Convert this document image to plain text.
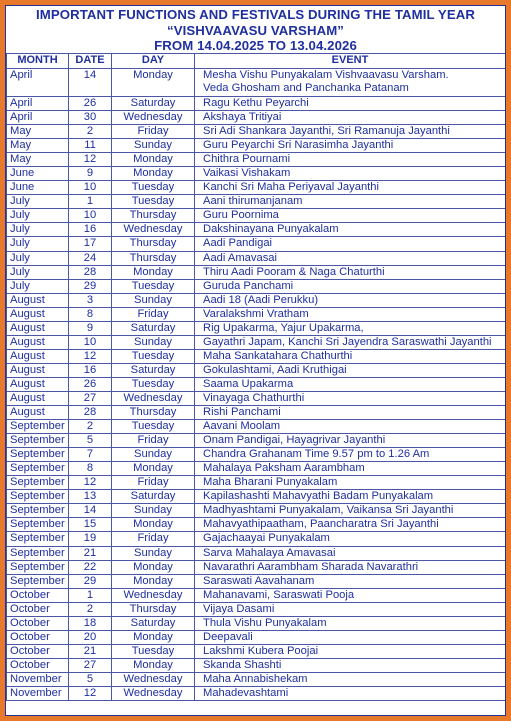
IMPORTANT FUNCTIONS AND FESTIVALS DURING THE TAMIL YEAR
“VISHVAAVASU VARSHAM”
FROM 14.04.2025 TO 13.04.2026
MONTH	DATE	DAY	EVENT
April	14	Monday	Mesha Vishu Punyakalam Vishvaavasu Varsham.
Veda Ghosham and Panchanka Patanam
April	26	Saturday	Ragu Kethu Peyarchi
April	30	Wednesday	Akshaya Tritiyai
May	2	Friday	Sri Adi Shankara Jayanthi, Sri Ramanuja Jayanthi
May	11	Sunday	Guru Peyarchi Sri Narasimha Jayanthi
May	12	Monday	Chithra Pournami
June	9	Monday	Vaikasi Vishakam
June	10	Tuesday	Kanchi Sri Maha Periyaval Jayanthi
July	1	Tuesday	Aani thirumanjanam
July	10	Thursday	Guru Poornima
July	16	Wednesday	Dakshinayana Punyakalam
July	17	Thursday	Aadi Pandigai
July	24	Thursday	Aadi Amavasai
July	28	Monday	Thiru Aadi Pooram & Naga Chaturthi
July	29	Tuesday	Guruda Panchami
August	3	Sunday	Aadi 18 (Aadi Perukku)
August	8	Friday	Varalakshmi Vratham
August	9	Saturday	Rig Upakarma, Yajur Upakarma,
August	10	Sunday	Gayathri Japam, Kanchi Sri Jayendra Saraswathi Jayanthi
August	12	Tuesday	Maha Sankatahara Chathurthi
August	16	Saturday	Gokulashtami, Aadi Kruthigai
August	26	Tuesday	Saama Upakarma
August	27	Wednesday	Vinayaga Chathurthi
August	28	Thursday	Rishi Panchami
September	2	Tuesday	Aavani Moolam
September	5	Friday	Onam Pandigai, Hayagrivar Jayanthi
September	7	Sunday	Chandra Grahanam Time 9.57 pm to 1.26 Am
September	8	Monday	Mahalaya Paksham Aarambham
September	12	Friday	Maha Bharani Punyakalam
September	13	Saturday	Kapilashashti Mahavyathi Badam Punyakalam
September	14	Sunday	Madhyashtami Punyakalam, Vaikansa Sri Jayanthi
September	15	Monday	Mahavyathipaatham, Paancharatra Sri Jayanthi
September	19	Friday	Gajachaayai Punyakalam
September	21	Sunday	Sarva Mahalaya Amavasai
September	22	Monday	Navarathri Aarambham Sharada Navarathri
September	29	Monday	Saraswati Aavahanam
October	1	Wednesday	Mahanavami, Saraswati Pooja
October	2	Thursday	Vijaya Dasami
October	18	Saturday	Thula Vishu Punyakalam
October	20	Monday	Deepavali
October	21	Tuesday	Lakshmi Kubera Poojai
October	27	Monday	Skanda Shashti
November	5	Wednesday	Maha Annabishekam
November	12	Wednesday	Mahadevashtami
